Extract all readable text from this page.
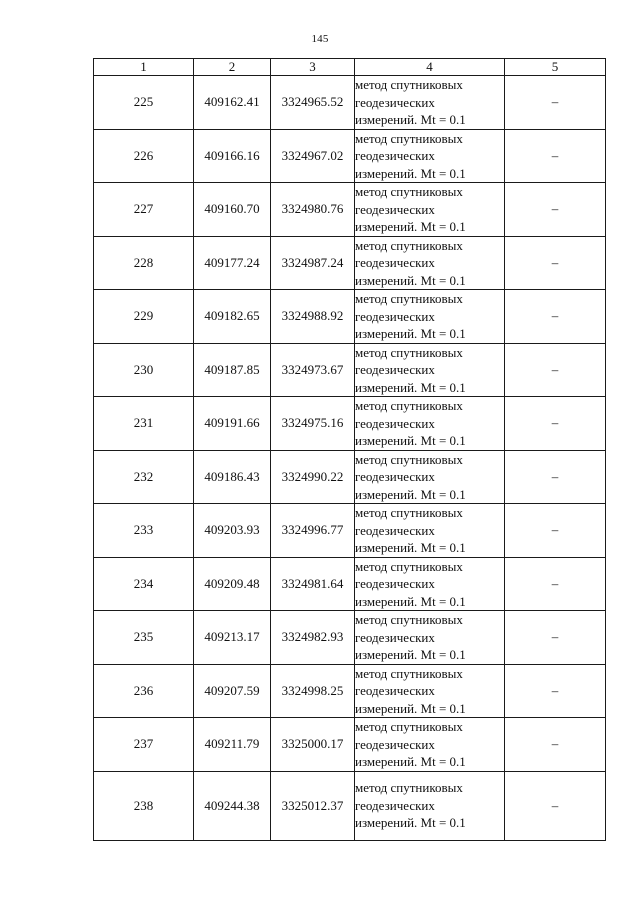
145
1	2	3	4	5
225	409162.41	3324965.52	метод спутниковых
геодезических
измерений. Mt = 0.1	–
226	409166.16	3324967.02	метод спутниковых
геодезических
измерений. Mt = 0.1	–
227	409160.70	3324980.76	метод спутниковых
геодезических
измерений. Mt = 0.1	–
228	409177.24	3324987.24	метод спутниковых
геодезических
измерений. Mt = 0.1	–
229	409182.65	3324988.92	метод спутниковых
геодезических
измерений. Mt = 0.1	–
230	409187.85	3324973.67	метод спутниковых
геодезических
измерений. Mt = 0.1	–
231	409191.66	3324975.16	метод спутниковых
геодезических
измерений. Mt = 0.1	–
232	409186.43	3324990.22	метод спутниковых
геодезических
измерений. Mt = 0.1	–
233	409203.93	3324996.77	метод спутниковых
геодезических
измерений. Mt = 0.1	–
234	409209.48	3324981.64	метод спутниковых
геодезических
измерений. Mt = 0.1	–
235	409213.17	3324982.93	метод спутниковых
геодезических
измерений. Mt = 0.1	–
236	409207.59	3324998.25	метод спутниковых
геодезических
измерений. Mt = 0.1	–
237	409211.79	3325000.17	метод спутниковых
геодезических
измерений. Mt = 0.1	–
238	409244.38	3325012.37	метод спутниковых
геодезических
измерений. Mt = 0.1	–
